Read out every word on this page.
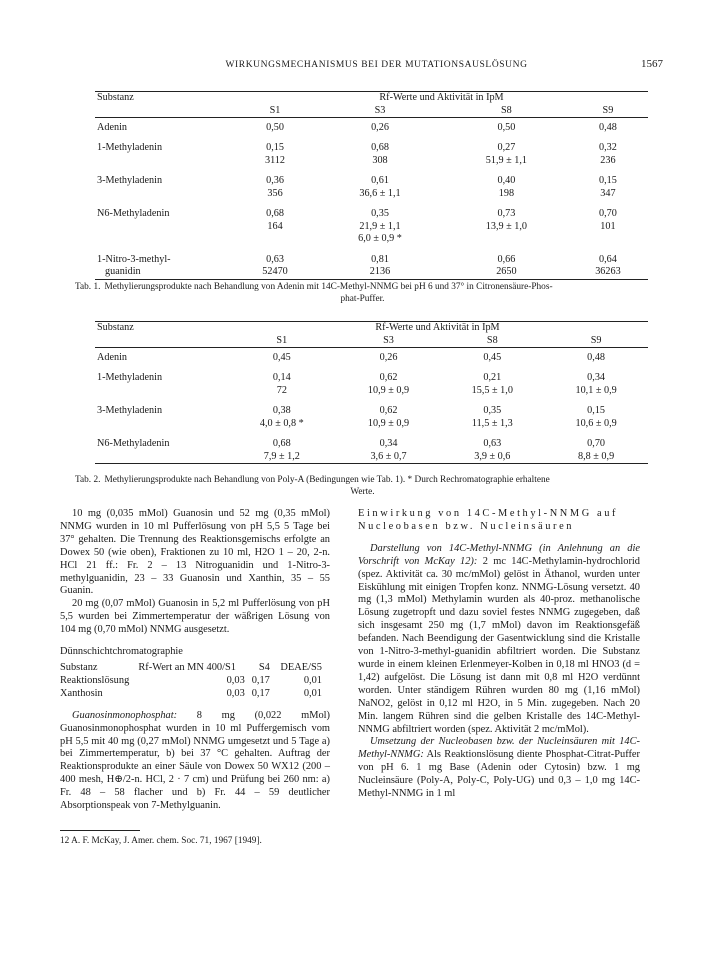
WIRKUNGSMECHANISMUS BEI DER MUTATIONSAUSLÖSUNG	1567
Substanz	Rf-Werte und Aktivität in IpM			
	S1	S3	S8	S9

Adenin	0,50	0,26	0,50	0,48

1-Methyladenin	0,15	0,68	0,27	0,32
	3112	308	51,9 ± 1,1	236

3-Methyladenin	0,36	0,61	0,40	0,15
	356	36,6 ± 1,1	198	347

N6-Methyladenin	0,68	0,35	0,73	0,70
	164	21,9 ± 1,1	13,9 ± 1,0	101
		6,0 ± 0,9 *		

1-Nitro-3-methyl-	0,63	0,81	0,66	0,64
guanidin	52470	2136	2650	36263
Tab. 1. Methylierungsprodukte nach Behandlung von Adenin mit 14C-Methyl-NNMG bei pH 6 und 37° in Citronensäure-Phos-
phat-Puffer.
Substanz	Rf-Werte und Aktivität in IpM			
	S1	S3	S8	S9

Adenin	0,45	0,26	0,45	0,48

1-Methyladenin	0,14	0,62	0,21	0,34
	72	10,9 ± 0,9	15,5 ± 1,0	10,1 ± 0,9

3-Methyladenin	0,38	0,62	0,35	0,15
	4,0 ± 0,8 *	10,9 ± 0,9	11,5 ± 1,3	10,6 ± 0,9

N6-Methyladenin	0,68	0,34	0,63	0,70
	7,9 ± 1,2	3,6 ± 0,7	3,9 ± 0,6	8,8 ± 0,9
Tab. 2. Methylierungsprodukte nach Behandlung von Poly-A (Bedingungen wie Tab. 1). * Durch Rechromatographie erhaltene
Werte.

10 mg (0,035 mMol) Guanosin und 52 mg (0,35 mMol) NNMG wurden in 10 ml Pufferlösung von pH 5,5 5 Tage bei 37° gehalten. Die Trennung des Reaktionsgemischs erfolgte an Dowex 50 (wie oben), Fraktionen zu 10 ml, H2O 1 – 20, 2-n. HCl 21 ff.: Fr. 2 – 13 Nitroguanidin und 1-Nitro-3-methylguanidin, 23 – 33 Guanosin und Xanthin, 35 – 55 Guanin.

20 mg (0,07 mMol) Guanosin in 5,2 ml Pufferlösung von pH 5,5 wurden bei Zimmertemperatur der wäßrigen Lösung von 104 mg (0,70 mMol) NNMG ausgesetzt.

Dünnschichtchromatographie

Substanz	Rf-Wert an MN 400/S1	S4	DEAE/S5
Reaktionslösung	0,03	0,17	0,01
Xanthosin	0,03	0,17	0,01

Guanosinmonophosphat: 8 mg (0,022 mMol) Guanosinmonophosphat wurden in 10 ml Puffergemisch vom pH 5,5 mit 40 mg (0,27 mMol) NNMG umgesetzt und 5 Tage a) bei Zimmertemperatur, b) bei 37 °C gehalten. Auftrag der Reaktionsprodukte an einer Säule von Dowex 50 WX12 (200 – 400 mesh, H⊕/2-n. HCl, 2 · 7 cm) und Prüfung bei 260 nm: a) Fr. 48 – 58 flacher und b) Fr. 44 – 59 deutlicher Absorptionspeak von 7-Methylguanin.

Einwirkung von 14C-Methyl-NNMG auf

Nucleobasen bzw. Nucleinsäuren

Darstellung von 14C-Methyl-NNMG (in Anlehnung an die Vorschrift von McKay 12): 2 mc 14C-Methylamin-hydrochlorid (spez. Aktivität ca. 30 mc/mMol) gelöst in Äthanol, wurden unter Eiskühlung mit einigen Tropfen konz. NNMG-Lösung versetzt. 40 mg (1,3 mMol) Methylamin wurden als 40-proz. methanolische Lösung zugetropft und dazu soviel festes NNMG zugegeben, daß sich insgesamt 250 mg (1,7 mMol) davon im Reaktionsgefäß befanden. Nach Beendigung der Gasentwicklung sind die Kristalle von 1-Nitro-3-methyl-guanidin abfiltriert worden. Die Substanz wurde in einem kleinen Erlenmeyer-Kolben in 0,18 ml HNO3 (d = 1,42) aufgelöst. Die Lösung ist dann mit 0,8 ml H2O verdünnt worden. Unter ständigem Rühren wurden 80 mg (1,16 mMol) NaNO2, gelöst in 0,12 ml H2O, in 5 Min. zugegeben. Nach 20 Min. langem Rühren sind die gelben Kristalle des 14C-Methyl-NNMG abfiltriert worden (spez. Aktivität 2 mc/mMol).

Umsetzung der Nucleobasen bzw. der Nucleinsäuren mit 14C-Methyl-NNMG: Als Reaktionslösung diente Phosphat-Citrat-Puffer von pH 6. 1 mg Base (Adenin oder Cytosin) bzw. 1 mg Nucleinsäure (Poly-A, Poly-C, Poly-UG) und 0,3 – 1,0 mg 14C-Methyl-NNMG in 1 ml

12 A. F. McKay, J. Amer. chem. Soc. 71, 1967 [1949].
